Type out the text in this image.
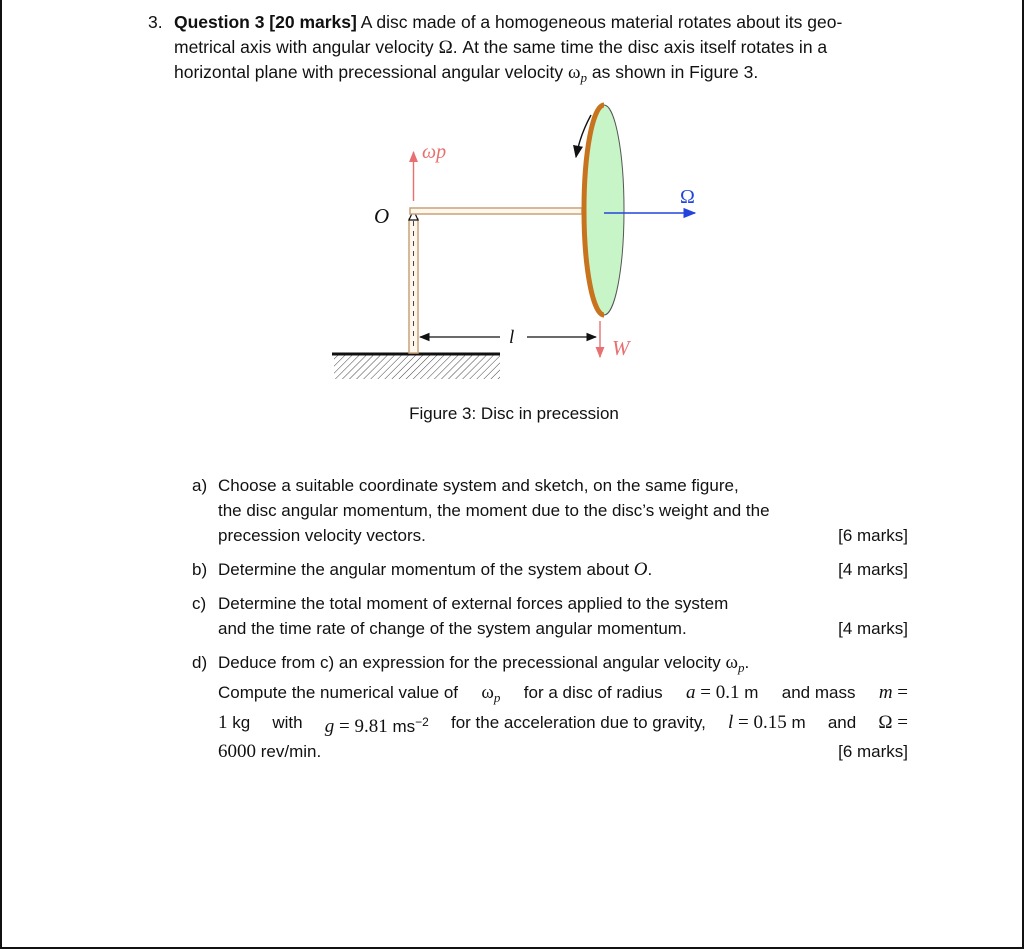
3. Question 3 [20 marks] A disc made of a homogeneous material rotates about its geo-
metrical axis with angular velocity Ω. At the same time the disc axis itself rotates in a
horizontal plane with precessional angular velocity $\omega_p$ as shown in Figure 3.
ωp
O
Ω
l	W
Figure 3: Disc in precession
a) Choose a suitable coordinate system and sketch, on the same figure,
the disc angular momentum, the moment due to the disc’s weight and the
precession velocity vectors.	[6 marks]
b) Determine the angular momentum of the system about O.	[4 marks]
c) Determine the total moment of external forces applied to the system
and the time rate of change of the system angular momentum.	[4 marks]
d) Deduce from c) an expression for the precessional angular velocity $\omega_p$.
Compute the numerical value of $\omega_p$ for a disc of radius a = 0.1 m and mass m =
1 kg with g = 9.81 $ms^{-2}$ for the acceleration due to gravity, l = 0.15 m and Ω =
6000 rev/min.	[6 marks]
